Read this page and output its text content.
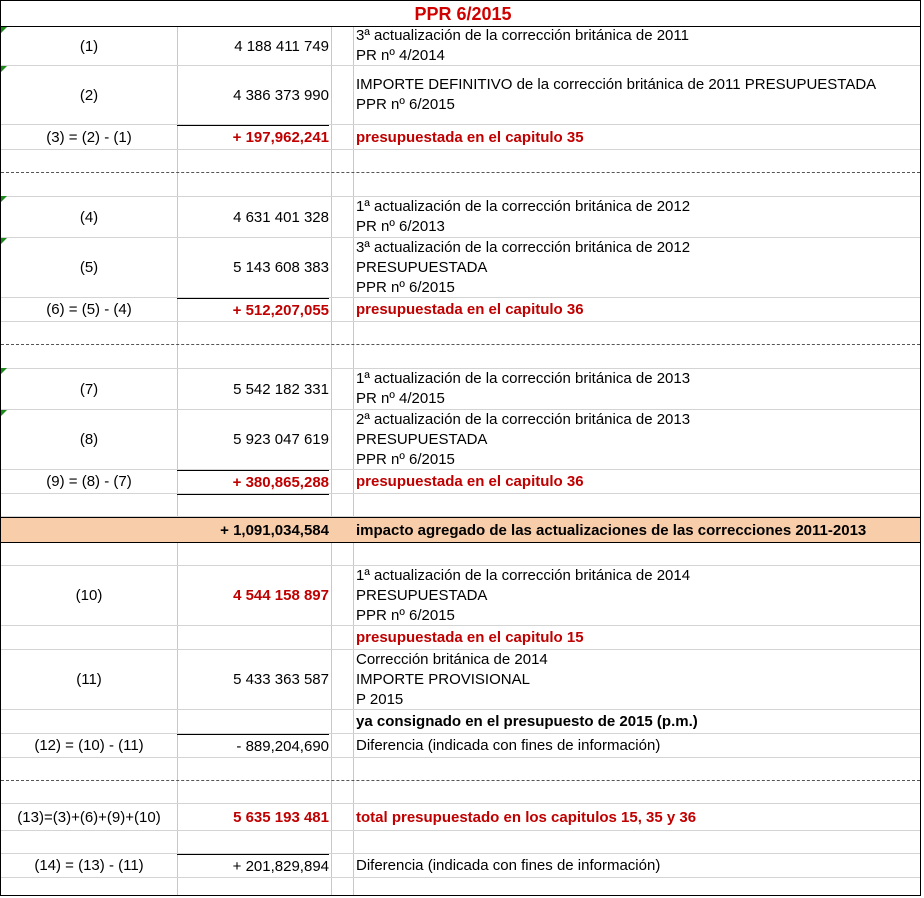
PPR 6/2015
(1)	4 188 411 749
3ª actualización de la corrección británica de 2011
PR nº 4/2014
(2)	4 386 373 990
IMPORTE DEFINITIVO de la corrección británica de 2011 PRESUPUESTADA
PPR nº 6/2015
(3) = (2) - (1)	+ 197,962,241 presupuestada en el capitulo 35
(4)	4 631 401 328
1ª actualización de la corrección británica de 2012
PR nº 6/2013
(5)	5 143 608 383
3ª actualización de la corrección británica de 2012
PRESUPUESTADA
PPR nº 6/2015
(6) = (5) - (4)	+ 512,207,055 presupuestada en el capitulo 36
(7)	5 542 182 331
1ª actualización de la corrección británica de 2013
PR nº 4/2015
(8)	5 923 047 619
2ª actualización de la corrección británica de 2013
PRESUPUESTADA
PPR nº 6/2015
(9) = (8) - (7)	+ 380,865,288 presupuestada en el capitulo 36
+ 1,091,034,584 impacto agregado de las actualizaciones de las correcciones 2011-2013
(10)	4 544 158 897
1ª actualización de la corrección británica de 2014
PRESUPUESTADA
PPR nº 6/2015
presupuestada en el capitulo 15
(11)	5 433 363 587
Corrección británica de 2014
IMPORTE PROVISIONAL
P 2015
ya consignado en el presupuesto de 2015 (p.m.)
(12) = (10) - (11)	- 889,204,690 Diferencia (indicada con fines de información)
(13)=(3)+(6)+(9)+(10)	5 635 193 481 total presupuestado en los capitulos 15, 35 y 36
(14) = (13) - (11)	+ 201,829,894 Diferencia (indicada con fines de información)
